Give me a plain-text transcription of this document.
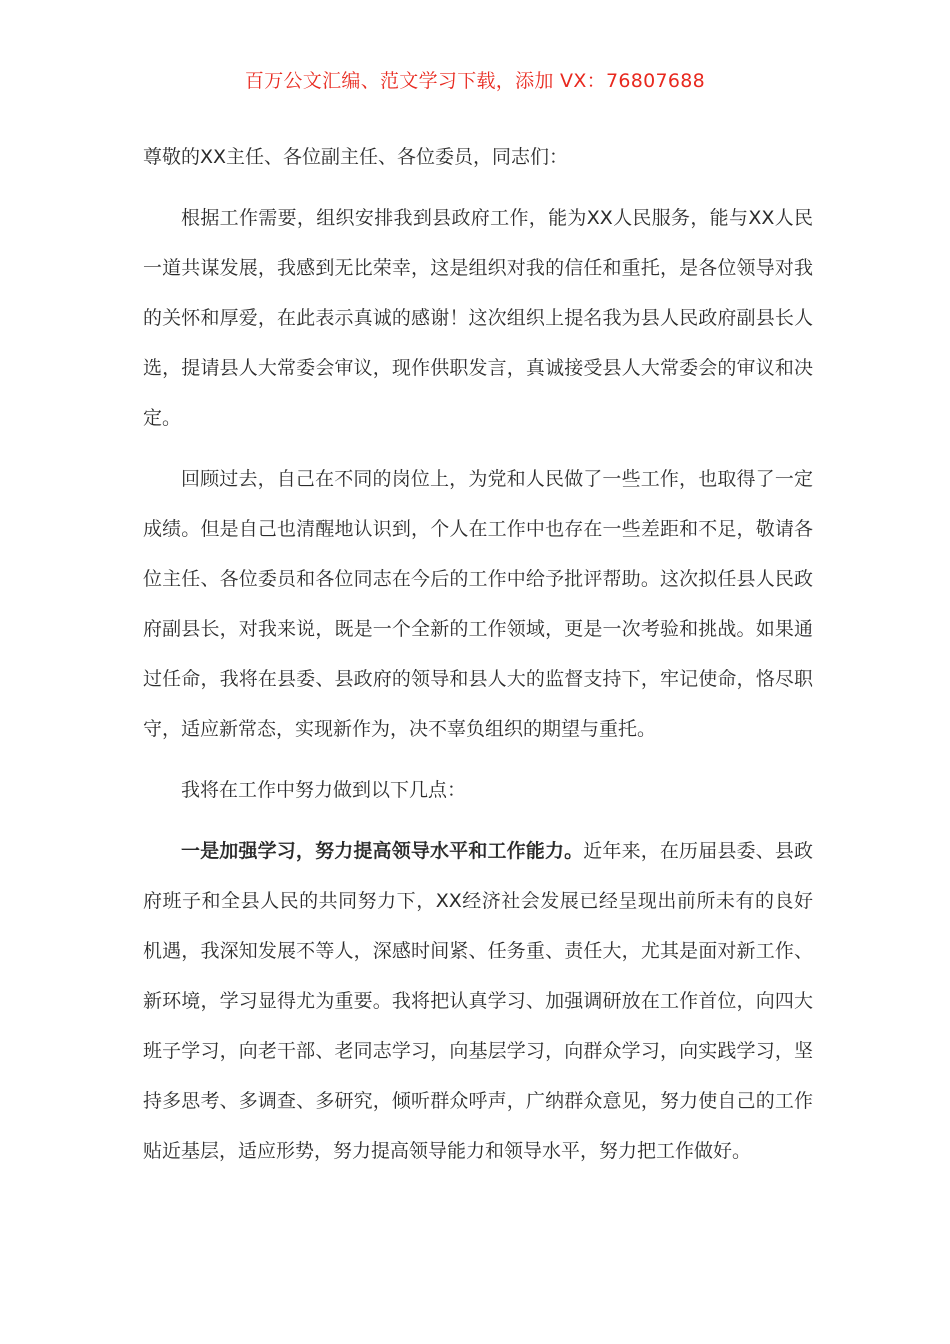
百万公文汇编、范文学习下载，添加 VX：76807688

尊敬的XX主任、各位副主任、各位委员，同志们：

根据工作需要，组织安排我到县政府工作，能为XX人民服务，能与XX人民一道共谋发展，我感到无比荣幸，这是组织对我的信任和重托，是各位领导对我的关怀和厚爱，在此表示真诚的感谢！这次组织上提名我为县人民政府副县长人选，提请县人大常委会审议，现作供职发言，真诚接受县人大常委会的审议和决定。

回顾过去，自己在不同的岗位上，为党和人民做了一些工作，也取得了一定成绩。但是自己也清醒地认识到，个人在工作中也存在一些差距和不足，敬请各位主任、各位委员和各位同志在今后的工作中给予批评帮助。这次拟任县人民政府副县长，对我来说，既是一个全新的工作领域，更是一次考验和挑战。如果通过任命，我将在县委、县政府的领导和县人大的监督支持下，牢记使命，恪尽职守，适应新常态，实现新作为，决不辜负组织的期望与重托。

我将在工作中努力做到以下几点：

一是加强学习，努力提高领导水平和工作能力。近年来，在历届县委、县政府班子和全县人民的共同努力下，XX经济社会发展已经呈现出前所未有的良好机遇，我深知发展不等人，深感时间紧、任务重、责任大，尤其是面对新工作、新环境，学习显得尤为重要。我将把认真学习、加强调研放在工作首位，向四大班子学习，向老干部、老同志学习，向基层学习，向群众学习，向实践学习，坚持多思考、多调查、多研究，倾听群众呼声，广纳群众意见，努力使自己的工作贴近基层，适应形势，努力提高领导能力和领导水平，努力把工作做好。
